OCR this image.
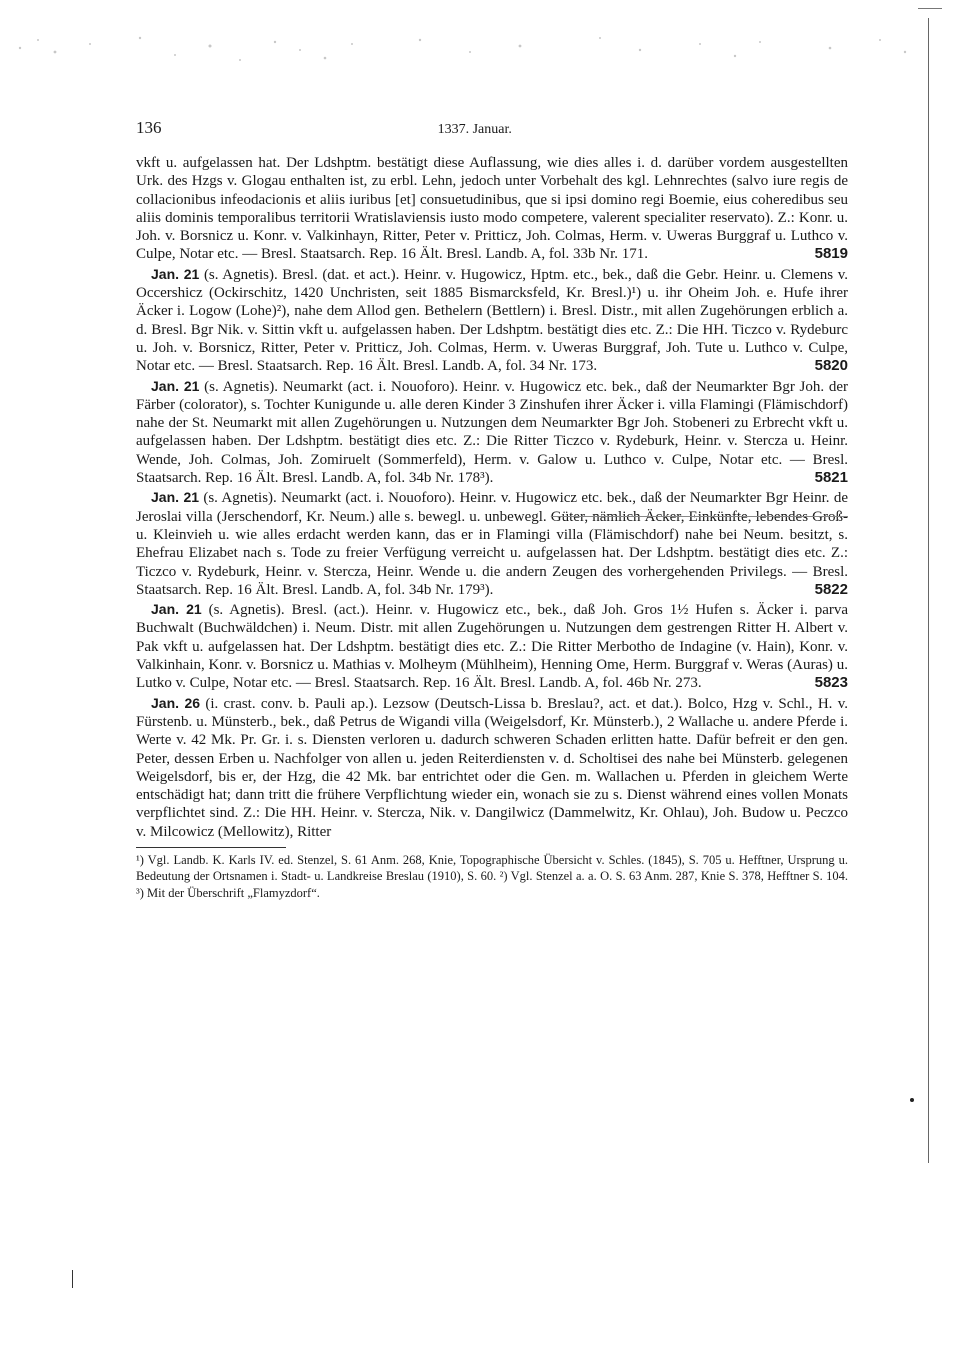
136	1337. Januar.

vkft u. aufgelassen hat. Der Ldshptm. bestätigt diese Auflassung, wie dies alles i. d. darüber vordem ausgestellten Urk. des Hzgs v. Glogau enthalten ist, zu erbl. Lehn, jedoch unter Vorbehalt des kgl. Lehnrechtes (salvo iure regis de collacionibus infeodacionis et aliis iuribus [et] consuetudinibus, que si ipsi domino regi Boemie, eius coheredibus seu aliis dominis temporalibus territorii Wratislaviensis iusto modo competere, valerent specialiter reservato). Z.: Konr. u. Joh. v. Borsnicz u. Konr. v. Valkinhayn, Ritter, Peter v. Pritticz, Joh. Colmas, Herm. v. Uweras Burggraf u. Luthco v. Culpe, Notar etc. — Bresl. Staatsarch. Rep. 16 Ält. Bresl. Landb. A, fol. 33b Nr. 171.	5819

 Jan. 21 (s. Agnetis). Bresl. (dat. et act.). Heinr. v. Hugowicz, Hptm. etc., bek., daß die Gebr. Heinr. u. Clemens v. Occershicz (Ockirschitz, 1420 Unchristen, seit 1885 Bismarcksfeld, Kr. Bresl.)¹) u. ihr Oheim Joh. e. Hufe ihrer Äcker i. Logow (Lohe)²), nahe dem Allod gen. Bethelern (Bettlern) i. Bresl. Distr., mit allen Zugehörungen erblich a. d. Bresl. Bgr Nik. v. Sittin vkft u. aufgelassen haben. Der Ldshptm. bestätigt dies etc. Z.: Die HH. Ticzco v. Rydeburc u. Joh. v. Borsnicz, Ritter, Peter v. Pritticz, Joh. Colmas, Herm. v. Uweras Burggraf, Joh. Tute u. Luthco v. Culpe, Notar etc. — Bresl. Staatsarch. Rep. 16 Ält. Bresl. Landb. A, fol. 34 Nr. 173.	5820

 Jan. 21 (s. Agnetis). Neumarkt (act. i. Nouoforo). Heinr. v. Hugowicz etc. bek., daß der Neumarkter Bgr Joh. der Färber (colorator), s. Tochter Kunigunde u. alle deren Kinder 3 Zinshufen ihrer Äcker i. villa Flamingi (Flämischdorf) nahe der St. Neumarkt mit allen Zugehörungen u. Nutzungen dem Neumarkter Bgr Joh. Stobeneri zu Erbrecht vkft u. aufgelassen haben. Der Ldshptm. bestätigt dies etc. Z.: Die Ritter Ticzco v. Rydeburk, Heinr. v. Stercza u. Heinr. Wende, Joh. Colmas, Joh. Zomiruelt (Sommerfeld), Herm. v. Galow u. Luthco v. Culpe, Notar etc. — Bresl. Staatsarch. Rep. 16 Ält. Bresl. Landb. A, fol. 34b Nr. 178³).	5821

 Jan. 21 (s. Agnetis). Neumarkt (act. i. Nouoforo). Heinr. v. Hugowicz etc. bek., daß der Neumarkter Bgr Heinr. de Jeroslai villa (Jerschendorf, Kr. Neum.) alle s. bewegl. u. unbewegl. Güter, nämlich Äcker, Einkünfte, lebendes Groß- u. Kleinvieh u. wie alles erdacht werden kann, das er in Flamingi villa (Flämischdorf) nahe bei Neum. besitzt, s. Ehefrau Elizabet nach s. Tode zu freier Verfügung verreicht u. aufgelassen hat. Der Ldshptm. bestätigt dies etc. Z.: Ticzco v. Rydeburk, Heinr. v. Stercza, Heinr. Wende u. die andern Zeugen des vorhergehenden Privilegs. — Bresl. Staatsarch. Rep. 16 Ält. Bresl. Landb. A, fol. 34b Nr. 179³).	5822

 Jan. 21 (s. Agnetis). Bresl. (act.). Heinr. v. Hugowicz etc., bek., daß Joh. Gros 1½ Hufen s. Äcker i. parva Buchwalt (Buchwäldchen) i. Neum. Distr. mit allen Zugehörungen u. Nutzungen dem gestrengen Ritter H. Albert v. Pak vkft u. aufgelassen hat. Der Ldshptm. bestätigt dies etc. Z.: Die Ritter Merbotho de Indagine (v. Hain), Konr. v. Valkinhain, Konr. v. Borsnicz u. Mathias v. Molheym (Mühlheim), Henning Ome, Herm. Burggraf v. Weras (Auras) u. Lutko v. Culpe, Notar etc. — Bresl. Staatsarch. Rep. 16 Ält. Bresl. Landb. A, fol. 46b Nr. 273.	5823

 Jan. 26 (i. crast. conv. b. Pauli ap.). Lezsow (Deutsch-Lissa b. Breslau?, act. et dat.). Bolco, Hzg v. Schl., H. v. Fürstenb. u. Münsterb., bek., daß Petrus de Wigandi villa (Weigelsdorf, Kr. Münsterb.), 2 Wallache u. andere Pferde i. Werte v. 42 Mk. Pr. Gr. i. s. Diensten verloren u. dadurch schweren Schaden erlitten hatte. Dafür befreit er den gen. Peter, dessen Erben u. Nachfolger von allen u. jeden Reiterdiensten v. d. Scholtisei des nahe bei Münsterb. gelegenen Weigelsdorf, bis er, der Hzg, die 42 Mk. bar entrichtet oder die Gen. m. Wallachen u. Pferden in gleichem Werte entschädigt hat; dann tritt die frühere Verpflichtung wieder ein, wonach sie zu s. Dienst während eines vollen Monats verpflichtet sind. Z.: Die HH. Heinr. v. Stercza, Nik. v. Dangilwicz (Dammelwitz, Kr. Ohlau), Joh. Budow u. Peczco v. Milcowicz (Mellowitz), Ritter

¹) Vgl. Landb. K. Karls IV. ed. Stenzel, S. 61 Anm. 268, Knie, Topographische Übersicht v. Schles. (1845), S. 705 u. Hefftner, Ursprung u. Bedeutung der Ortsnamen i. Stadt- u. Landkreise Breslau (1910), S. 60. ²) Vgl. Stenzel a. a. O. S. 63 Anm. 287, Knie S. 378, Hefftner S. 104. ³) Mit der Überschrift „Flamyzdorf“.
